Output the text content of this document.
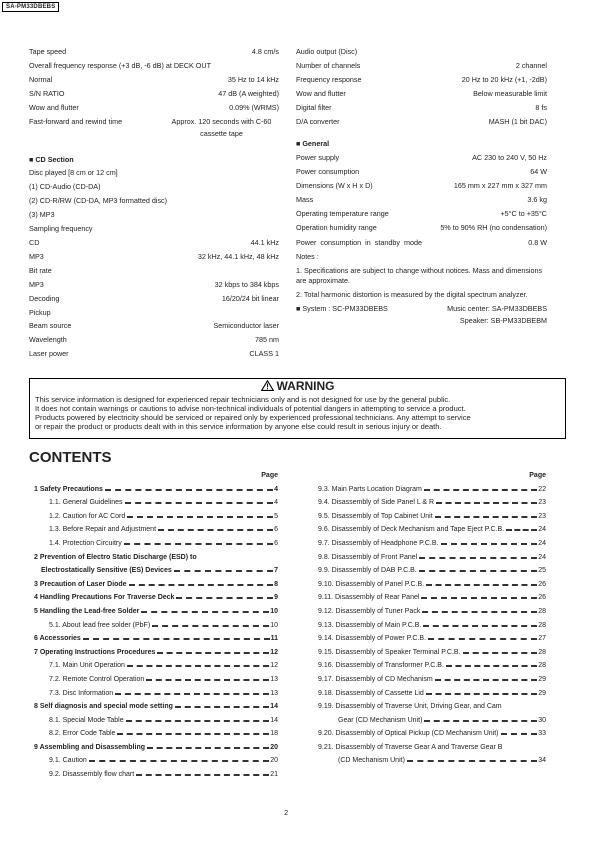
SA-PM33DBEBS
Tape speed	4.8 cm/s
Overall frequency response (+3 dB, -6 dB) at DECK OUT
Normal	35 Hz to 14 kHz
S/N RATIO	47 dB (A weighted)
Wow and flutter	0.09% (WRMS)
Fast-forward and rewind time	Approx. 120 seconds with C-60 cassette tape
■ CD Section
Disc played [8 cm or 12 cm]
(1) CD-Audio (CD-DA)
(2) CD-R/RW (CD-DA, MP3 formatted disc)
(3) MP3
Sampling frequency
CD	44.1 kHz
MP3	32 kHz, 44.1 kHz, 48 kHz
Bit rate
MP3	32 kbps to 384 kbps
Decoding	16/20/24 bit linear
Pickup
Beam source	Semiconductor laser
Wavelength	785 nm
Laser power	CLASS 1
Audio output (Disc)
Number of channels	2 channel
Frequency response	20 Hz to 20 kHz (+1, -2dB)
Wow and flutter	Below measurable limit
Digital filter	8 fs
D/A converter	MASH (1 bit DAC)
■ General
Power supply	AC 230 to 240 V, 50 Hz
Power consumption	64 W
Dimensions (W x H x D)	165 mm x 227 mm x 327 mm
Mass	3.6 kg
Operating temperature range	+5°C to +35°C
Operation humidity range	5% to 90% RH (no condensation)
Power consumption in standby mode	0.8 W
Notes :
1. Specifications are subject to change without notices. Mass and dimensions are approximate.
2. Total harmonic distortion is measured by the digital spectrum analyzer.
■ System : SC-PM33DBEBS	Music center: SA-PM33DBEBS
Speaker: SB-PM33DBEBM
WARNING
This service information is designed for experienced repair technicians only and is not designed for use by the general public.
It does not contain warnings or cautions to advise non-technical individuals of potential dangers in attempting to service a product.
Products powered by electricity should be serviced or repaired only by experienced professional technicians. Any attempt to service
or repair the product or products dealt with in this service information by anyone else could result in serious injury or death.
CONTENTS
Page
1 Safety Precautions	4
1.1. General Guidelines	4
1.2. Caution for AC Cord	5
1.3. Before Repair and Adjustment	6
1.4. Protection Circuitry	6
2 Prevention of Electro Static Discharge (ESD) to
Electrostatically Sensitive (ES) Devices	7
3 Precaution of Laser Diode	8
4 Handling Precautions For Traverse Deck	9
5 Handling the Lead-free Solder	10
5.1. About lead free solder (PbF)	10
6 Accessories	11
7 Operating Instructions Procedures	12
7.1. Main Unit Operation	12
7.2. Remote Control Operation	13
7.3. Disc Information	13
8 Self diagnosis and special mode setting	14
8.1. Special Mode Table	14
8.2. Error Code Table	18
9 Assembling and Disassembling	20
9.1. Caution	20
9.2. Disassembly flow chart	21
Page
9.3. Main Parts Location Diagram	22
9.4. Disassembly of Side Panel L & R	23
9.5. Disassembly of Top Cabinet Unit	23
9.6. Disassembly of Deck Mechanism and Tape Eject P.C.B.	24
9.7. Disassembly of Headphone P.C.B.	24
9.8. Disassembly of Front Panel	24
9.9. Disassembly of DAB P.C.B.	25
9.10. Disassembly of Panel P.C.B.	26
9.11. Disassembly of Rear Panel	26
9.12. Disassembly of Tuner Pack	28
9.13. Disassembly of Main P.C.B.	28
9.14. Disassembly of Power P.C.B.	27
9.15. Disassembly of Speaker Terminal P.C.B.	28
9.16. Disassembly of Transformer P.C.B.	28
9.17. Disassembly of CD Mechanism	29
9.18. Disassembly of Cassette Lid	29
9.19. Disassembly of Traverse Unit, Driving Gear, and Cam
Gear (CD Mechanism Unit)	30
9.20. Disassembly of Optical Pickup (CD Mechanism Unit)	33
9.21. Disassembly of Traverse Gear A and Traverse Gear B
(CD Mechanism Unit)	34
2
